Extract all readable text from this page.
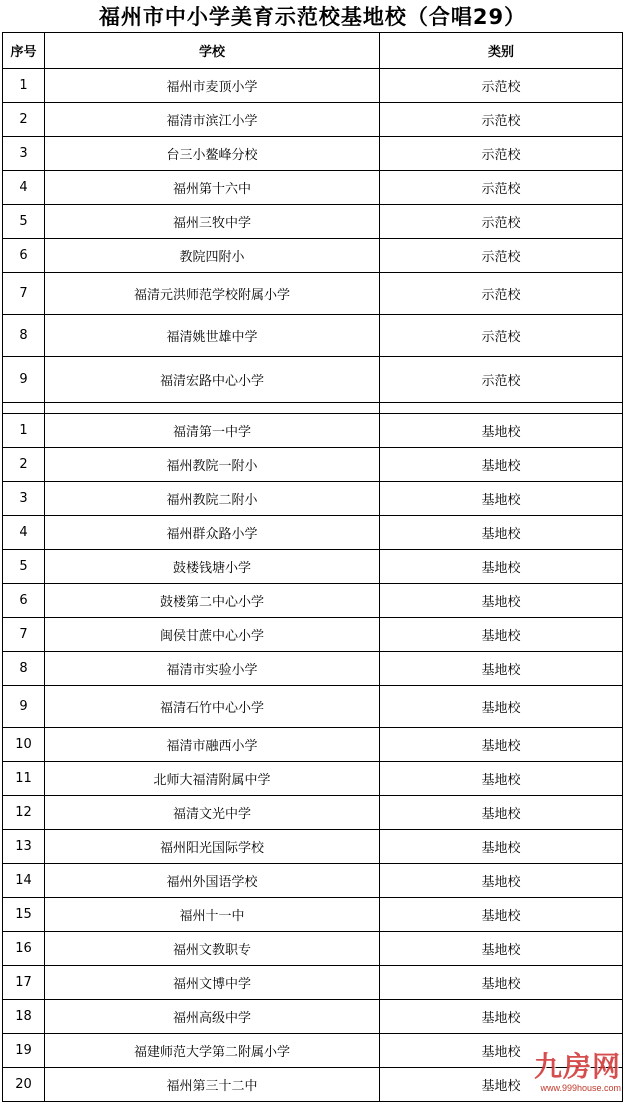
福州市中小学美育示范校基地校（合唱29）
序号	学校	类别
1	福州市麦顶小学	示范校
2	福清市滨江小学	示范校
3	台三小鳌峰分校	示范校
4	福州第十六中	示范校
5	福州三牧中学	示范校
6	教院四附小	示范校
7	福清元洪师范学校附属小学	示范校
8	福清姚世雄中学	示范校
9	福清宏路中心小学	示范校

1	福清第一中学	基地校
2	福州教院一附小	基地校
3	福州教院二附小	基地校
4	福州群众路小学	基地校
5	鼓楼钱塘小学	基地校
6	鼓楼第二中心小学	基地校
7	闽侯甘蔗中心小学	基地校
8	福清市实验小学	基地校
9	福清石竹中心小学	基地校
10	福清市融西小学	基地校
11	北师大福清附属中学	基地校
12	福清文光中学	基地校
13	福州阳光国际学校	基地校
14	福州外国语学校	基地校
15	福州十一中	基地校
16	福州文教职专	基地校
17	福州文博中学	基地校
18	福州高级中学	基地校
19	福建师范大学第二附属小学	基地校
20	福州第三十二中	基地校
九房网
www.999house.com
